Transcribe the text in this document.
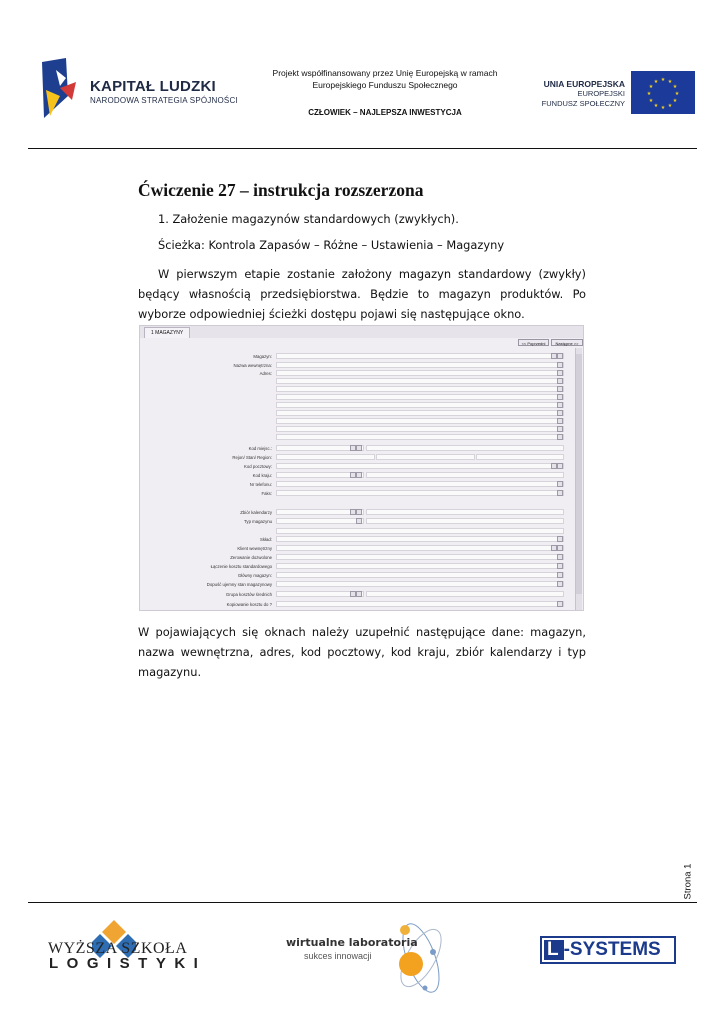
KAPITAŁ LUDZKI
NARODOWA STRATEGIA SPÓJNOŚCI
Projekt współfinansowany przez Unię Europejską w ramach
Europejskiego Funduszu Społecznego
CZŁOWIEK – NAJLEPSZA INWESTYCJA
UNIA EUROPEJSKA
EUROPEJSKI
FUNDUSZ SPOŁECZNY
★ ★
★
★
★
★
★
★
★
★
★
★
Ćwiczenie 27 – instrukcja rozszerzona
1. Założenie magazynów standardowych (zwykłych).
Ścieżka: Kontrola Zapasów – Różne – Ustawienia – Magazyny
W pierwszym etapie zostanie założony magazyn standardowy (zwykły) będący własnością przedsiębiorstwa. Będzie to magazyn produktów. Po wyborze odpowiedniej ścieżki dostępu pojawi się następujące okno.
1 MAGAZYNY
<< Poprzedni	Następne >>
Magazyn:
Nazwa wewnętrzna:
Adres:
Kod miejsc.:
Rejon/ Stan/ Region:
Kod pocztowy:
Kod kraju:
Nr telefonu:
Faks:
Zbiór kalendarzy
Typ magazynu
Skład:
Klient wewnętrzny
Zerowanie dozwolone
Łączenie kosztu standardowego
Główny magazyn:
Dopuść ujemny stan magazynowy
Grupa kosztów średnich
Kopiowanie kosztu do ?
W pojawiających się oknach należy uzupełnić następujące dane: magazyn, nazwa wewnętrzna, adres, kod pocztowy, kod kraju, zbiór kalendarzy i typ magazynu.
Strona 1
WYŻSZA SZKOŁA
LOGISTYKI
wirtualne laboratoria
sukces innowacji	L -SYSTEMS
